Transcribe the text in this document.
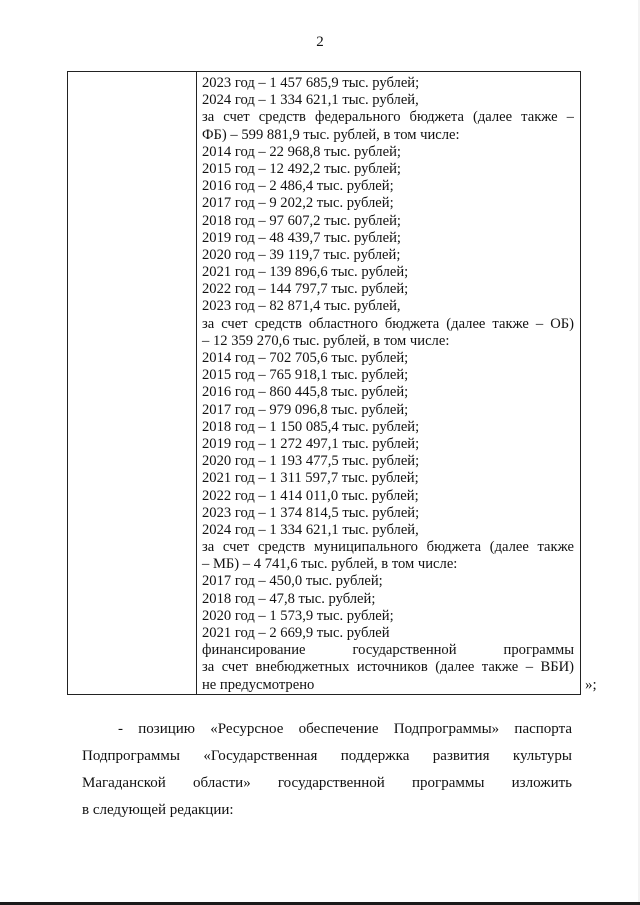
2
2023 год – 1 457 685,9 тыс. рублей;
2024 год – 1 334 621,1 тыс. рублей,
за счет средств федерального бюджета (далее также –
ФБ) – 599 881,9 тыс. рублей, в том числе:
2014 год – 22 968,8 тыс. рублей;
2015 год – 12 492,2 тыс. рублей;
2016 год – 2 486,4 тыс. рублей;
2017 год – 9 202,2 тыс. рублей;
2018 год – 97 607,2 тыс. рублей;
2019 год – 48 439,7 тыс. рублей;
2020 год – 39 119,7 тыс. рублей;
2021 год – 139 896,6 тыс. рублей;
2022 год – 144 797,7 тыс. рублей;
2023 год – 82 871,4 тыс. рублей,
за счет средств областного бюджета (далее также – ОБ)
– 12 359 270,6 тыс. рублей, в том числе:
2014 год – 702 705,6 тыс. рублей;
2015 год – 765 918,1 тыс. рублей;
2016 год – 860 445,8 тыс. рублей;
2017 год – 979 096,8 тыс. рублей;
2018 год – 1 150 085,4 тыс. рублей;
2019 год – 1 272 497,1 тыс. рублей;
2020 год – 1 193 477,5 тыс. рублей;
2021 год – 1 311 597,7 тыс. рублей;
2022 год – 1 414 011,0 тыс. рублей;
2023 год – 1 374 814,5 тыс. рублей;
2024 год – 1 334 621,1 тыс. рублей,
за счет средств муниципального бюджета (далее также
– МБ) – 4 741,6 тыс. рублей, в том числе:
2017 год – 450,0 тыс. рублей;
2018 год – 47,8 тыс. рублей;
2020 год – 1 573,9 тыс. рублей;
2021 год – 2 669,9 тыс. рублей
финансирование государственной программы
за счет внебюджетных источников (далее также – ВБИ)
не предусмотрено	»;
- позицию «Ресурсное обеспечение Подпрограммы» паспорта
Подпрограммы «Государственная поддержка развития культуры
Магаданской области» государственной программы изложить
в следующей редакции:
